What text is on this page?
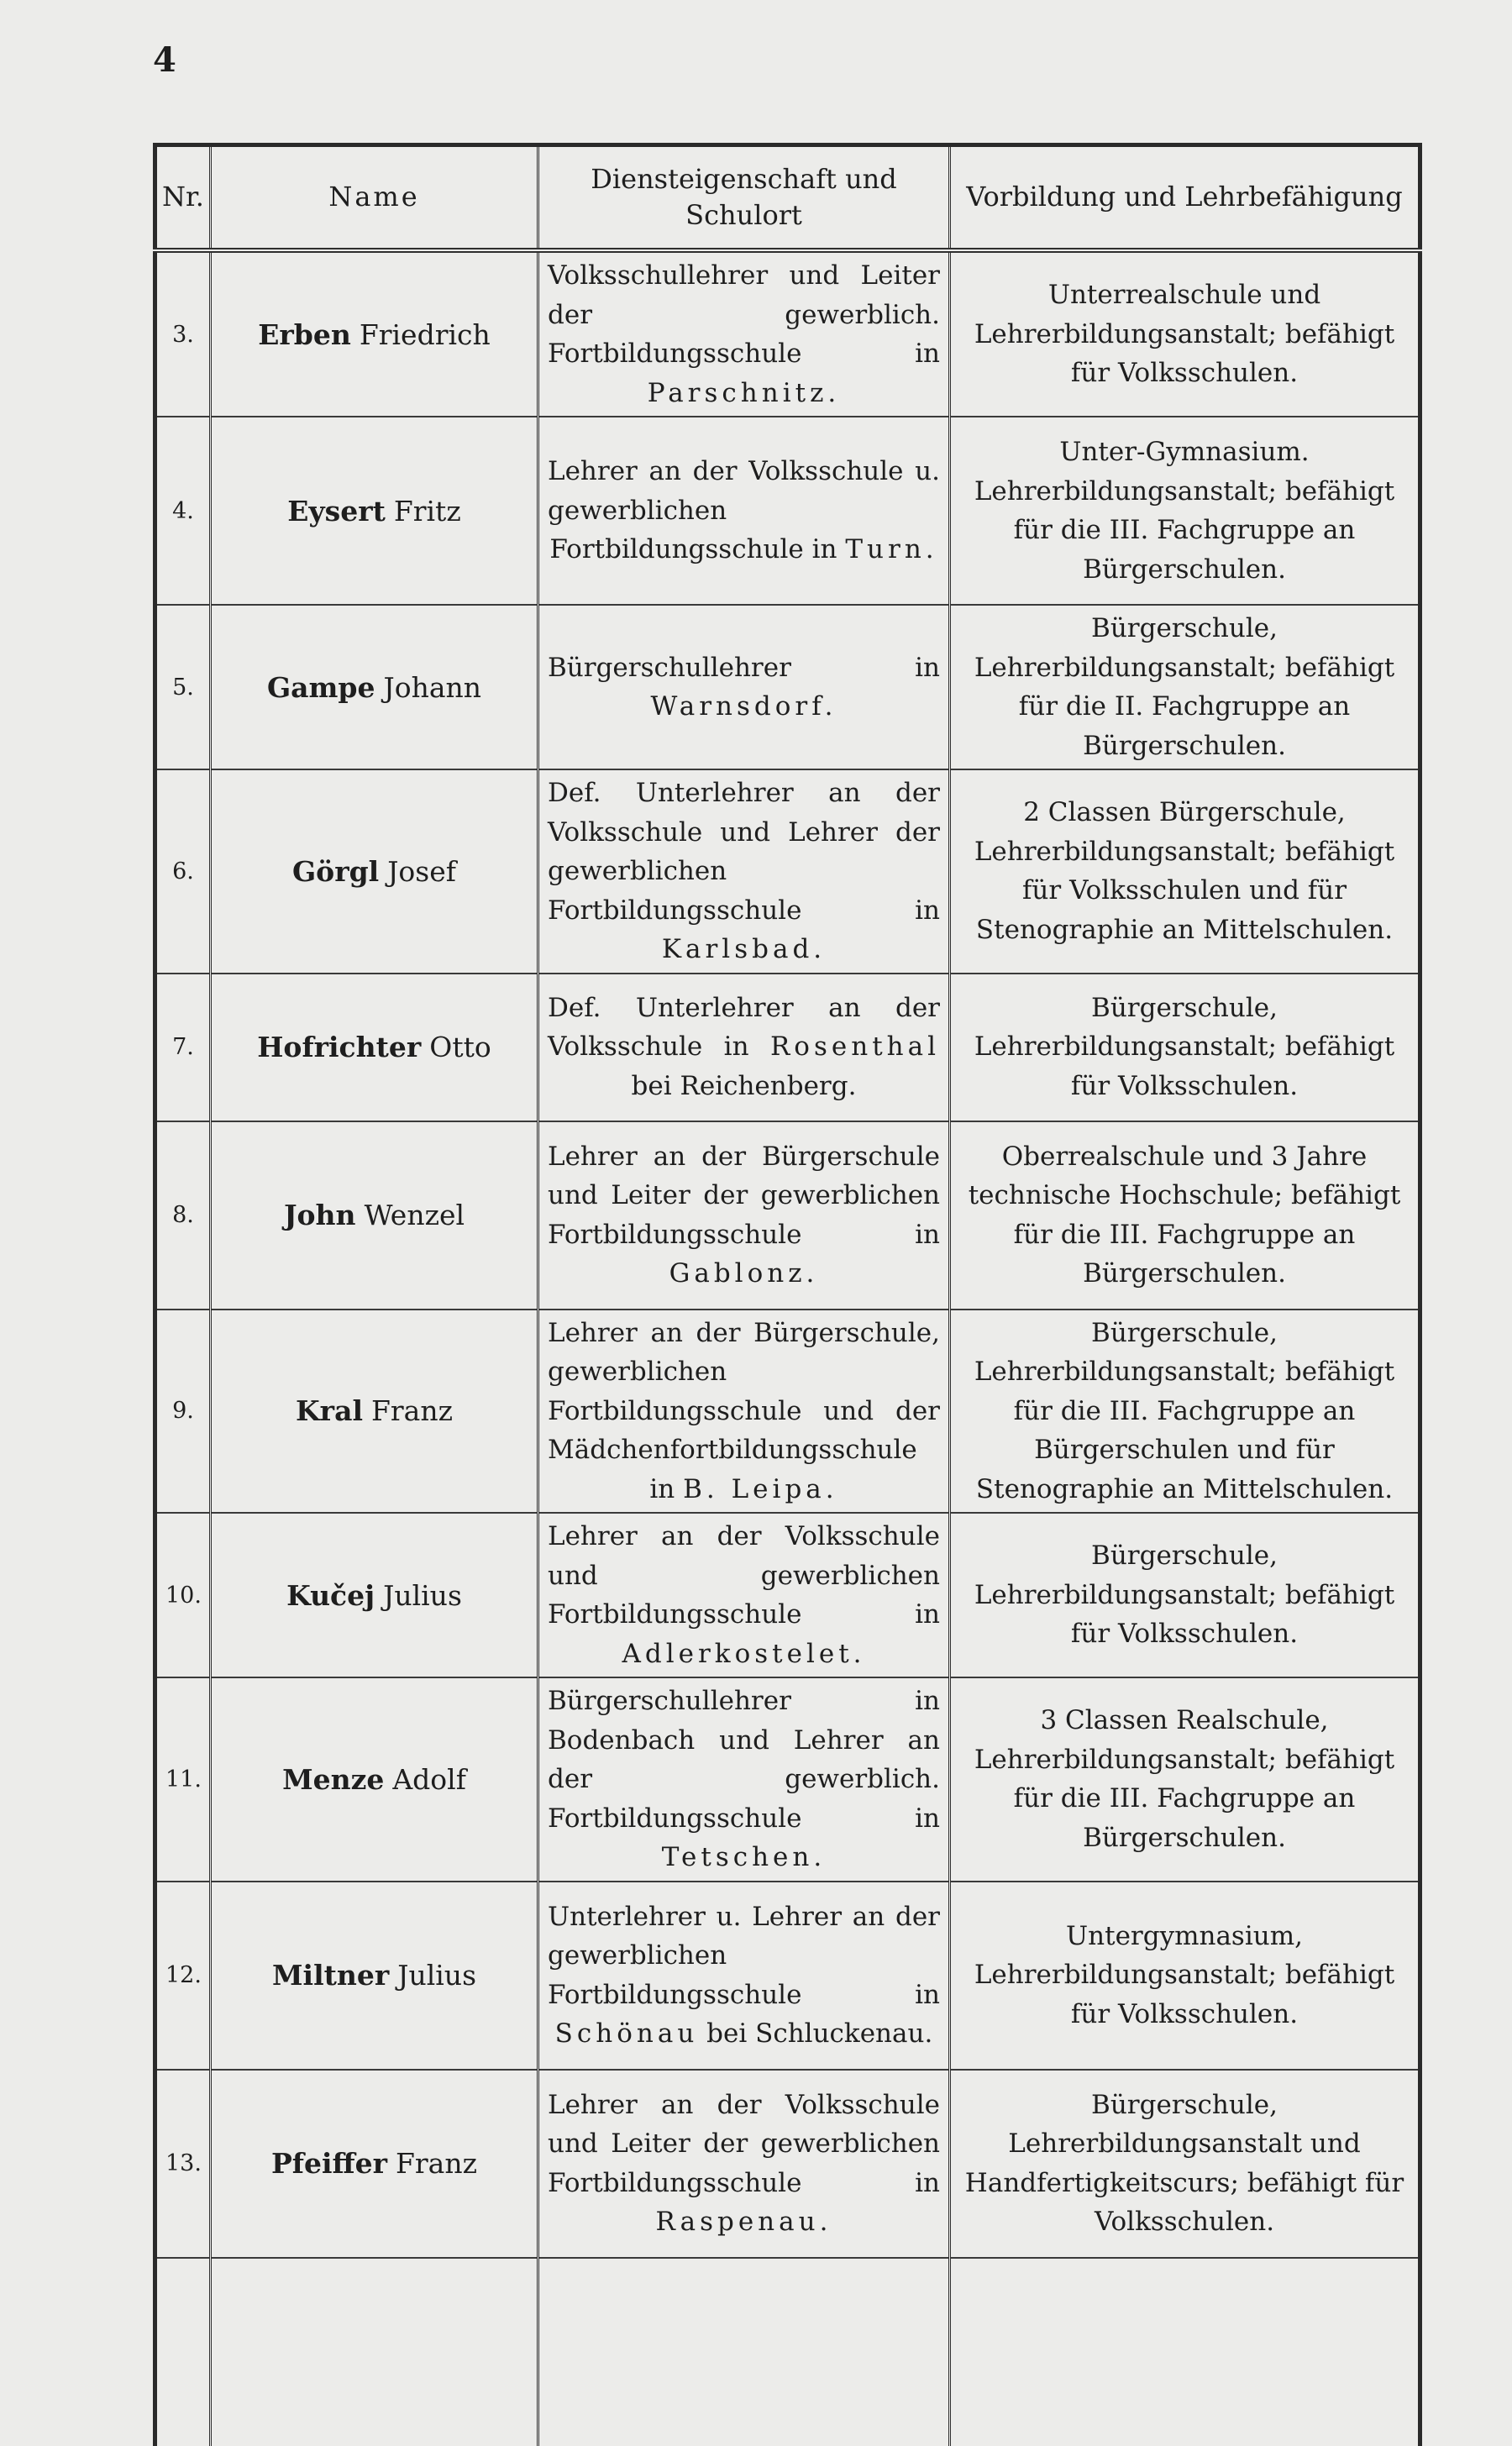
4
Nr.	Name	Diensteigenschaft und Schulort	Vorbildung und Lehrbefähigung
3.	Erben Friedrich	Volksschullehrer und Leiter der gewerblich. Fortbildungsschule in Parschnitz.	Unterrealschule und Lehrerbildungsanstalt; befähigt für Volksschulen.
4.	Eysert Fritz	Lehrer an der Volksschule u. gewerblichen Fortbildungsschule in Turn.	Unter-Gymnasium. Lehrerbildungsanstalt; befähigt für die III. Fachgruppe an Bürgerschulen.
5.	Gampe Johann	Bürgerschullehrer in Warnsdorf.	Bürgerschule, Lehrerbildungsanstalt; befähigt für die II. Fachgruppe an Bürgerschulen.
6.	Görgl Josef	Def. Unterlehrer an der Volksschule und Lehrer der gewerblichen Fortbildungsschule in Karlsbad.	2 Classen Bürgerschule, Lehrerbildungsanstalt; befähigt für Volksschulen und für Stenographie an Mittelschulen.
7.	Hofrichter Otto	Def. Unterlehrer an der Volksschule in Rosenthal bei Reichenberg.	Bürgerschule, Lehrerbildungsanstalt; befähigt für Volksschulen.
8.	John Wenzel	Lehrer an der Bürgerschule und Leiter der gewerblichen Fortbildungsschule in Gablonz.	Oberrealschule und 3 Jahre technische Hochschule; befähigt für die III. Fachgruppe an Bürgerschulen.
9.	Kral Franz	Lehrer an der Bürgerschule, gewerblichen Fortbildungsschule und der Mädchenfortbildungsschule in B. Leipa.	Bürgerschule, Lehrerbildungsanstalt; befähigt für die III. Fachgruppe an Bürgerschulen und für Stenographie an Mittelschulen.
10.	Kučej Julius	Lehrer an der Volksschule und gewerblichen Fortbildungsschule in Adlerkostelet.	Bürgerschule, Lehrerbildungsanstalt; befähigt für Volksschulen.
11.	Menze Adolf	Bürgerschullehrer in Bodenbach und Lehrer an der gewerblich. Fortbildungsschule in Tetschen.	3 Classen Realschule, Lehrerbildungsanstalt; befähigt für die III. Fachgruppe an Bürgerschulen.
12.	Miltner Julius	Unterlehrer u. Lehrer an der gewerblichen Fortbildungsschule in Schönau bei Schluckenau.	Untergymnasium, Lehrerbildungsanstalt; befähigt für Volksschulen.
13.	Pfeiffer Franz	Lehrer an der Volksschule und Leiter der gewerblichen Fortbildungsschule in Raspenau.	Bürgerschule, Lehrerbildungsanstalt und Handfertigkeitscurs; befähigt für Volksschulen.
